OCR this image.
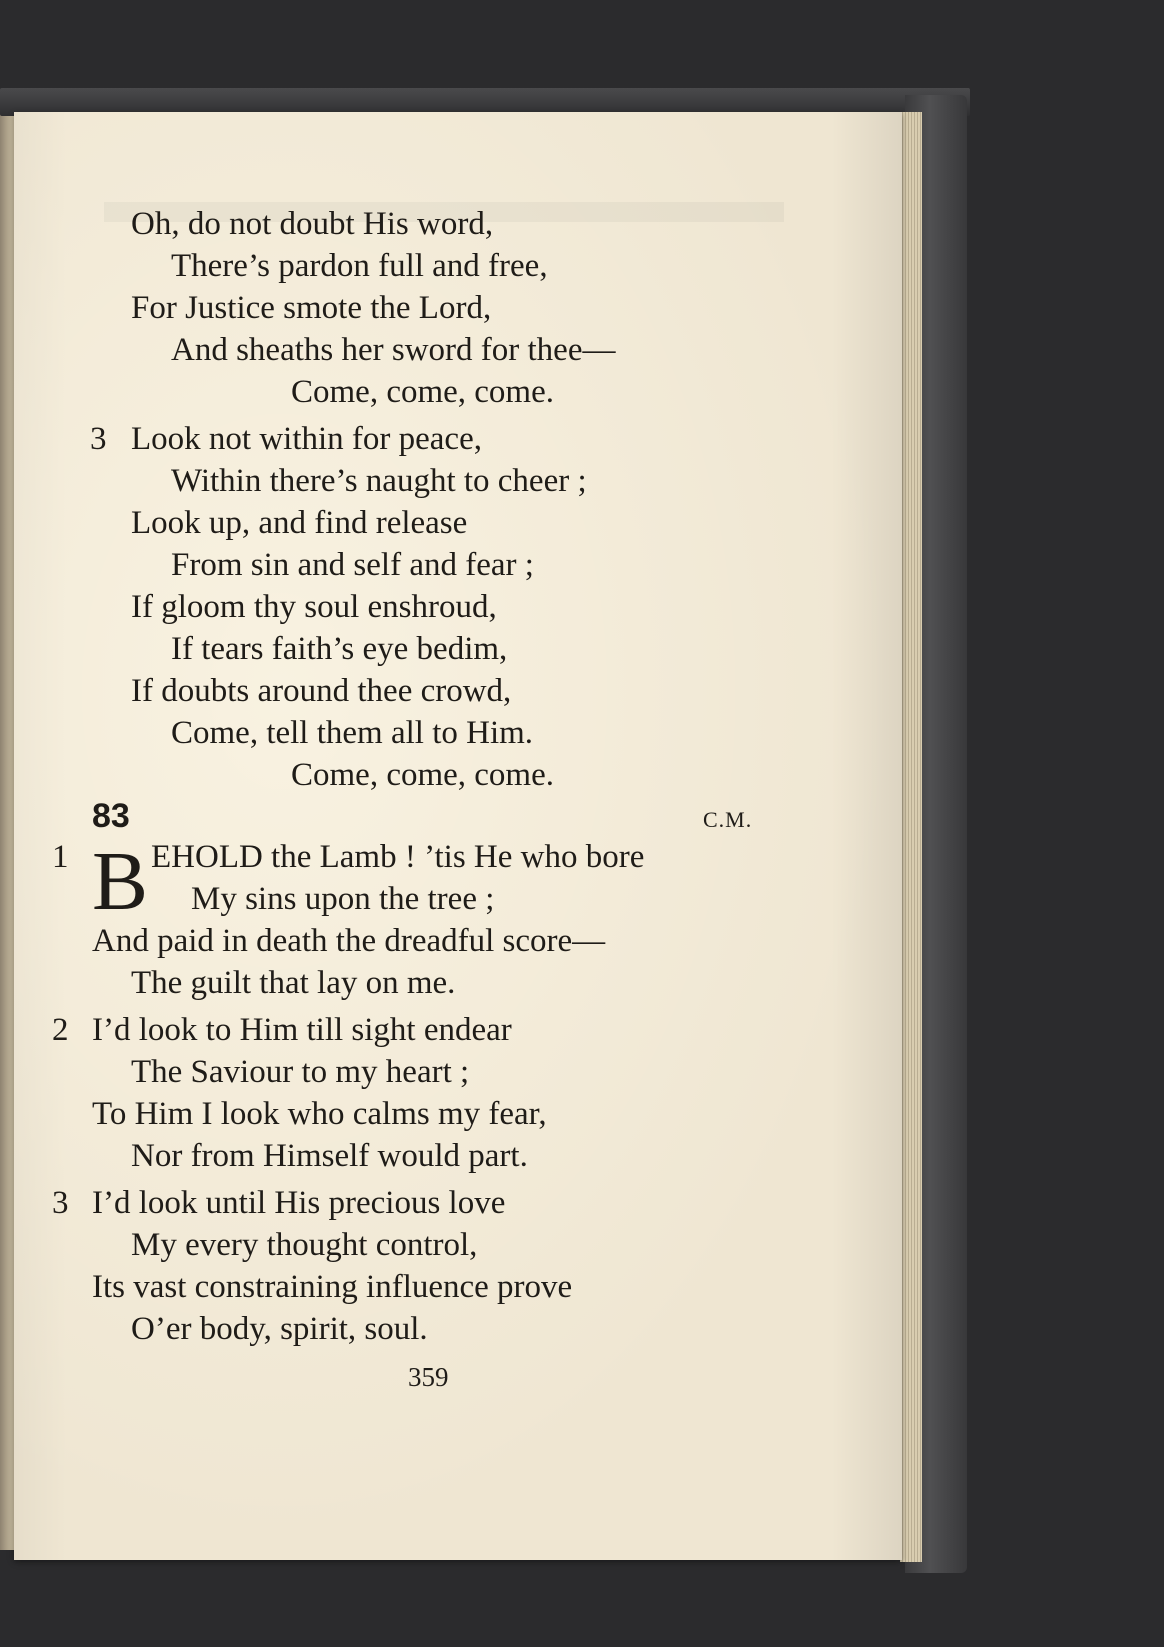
Oh, do not doubt His word,
There’s pardon full and free,
For Justice smote the Lord,
And sheaths her sword for thee—
Come, come, come.
3 Look not within for peace,
Within there’s naught to cheer ;
Look up, and find release
From sin and self and fear ;
If gloom thy soul enshroud,
If tears faith’s eye bedim,
If doubts around thee crowd,
Come, tell them all to Him.
Come, come, come.
83	C.M.
1 B EHOLD the Lamb ! ’tis He who bore
My sins upon the tree ;
And paid in death the dreadful score—
The guilt that lay on me.
2 I’d look to Him till sight endear
The Saviour to my heart ;
To Him I look who calms my fear,
Nor from Himself would part.
3 I’d look until His precious love
My every thought control,
Its vast constraining influence prove
O’er body, spirit, soul.
359
